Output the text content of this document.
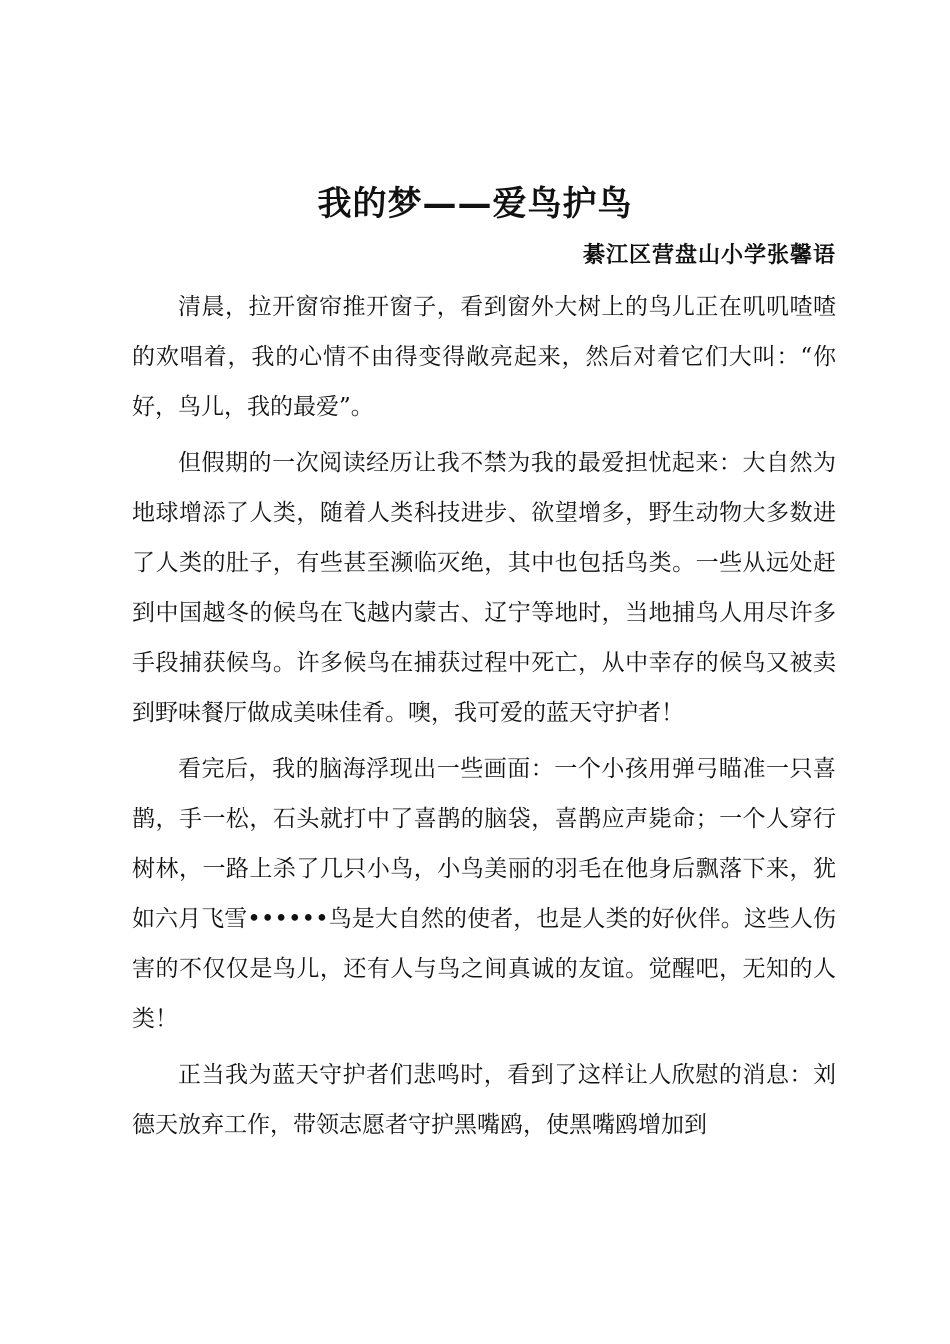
我的梦——爱鸟护鸟
綦江区营盘山小学张馨语

清晨，拉开窗帘推开窗子，看到窗外大树上的鸟儿正在叽叽喳喳的欢唱着，我的心情不由得变得敞亮起来，然后对着它们大叫：“你好，鸟儿，我的最爱”。

但假期的一次阅读经历让我不禁为我的最爱担忧起来：大自然为地球增添了人类，随着人类科技进步、欲望增多，野生动物大多数进了人类的肚子，有些甚至濒临灭绝，其中也包括鸟类。一些从远处赶到中国越冬的候鸟在飞越内蒙古、辽宁等地时，当地捕鸟人用尽许多手段捕获候鸟。许多候鸟在捕获过程中死亡，从中幸存的候鸟又被卖到野味餐厅做成美味佳肴。噢，我可爱的蓝天守护者！

看完后，我的脑海浮现出一些画面：一个小孩用弹弓瞄准一只喜鹊，手一松，石头就打中了喜鹊的脑袋，喜鹊应声毙命；一个人穿行树林，一路上杀了几只小鸟，小鸟美丽的羽毛在他身后飘落下来，犹如六月飞雪••••••鸟是大自然的使者，也是人类的好伙伴。这些人伤害的不仅仅是鸟儿，还有人与鸟之间真诚的友谊。觉醒吧，无知的人类！

正当我为蓝天守护者们悲鸣时，看到了这样让人欣慰的消息：刘德天放弃工作，带领志愿者守护黑嘴鸥，使黑嘴鸥增加到
